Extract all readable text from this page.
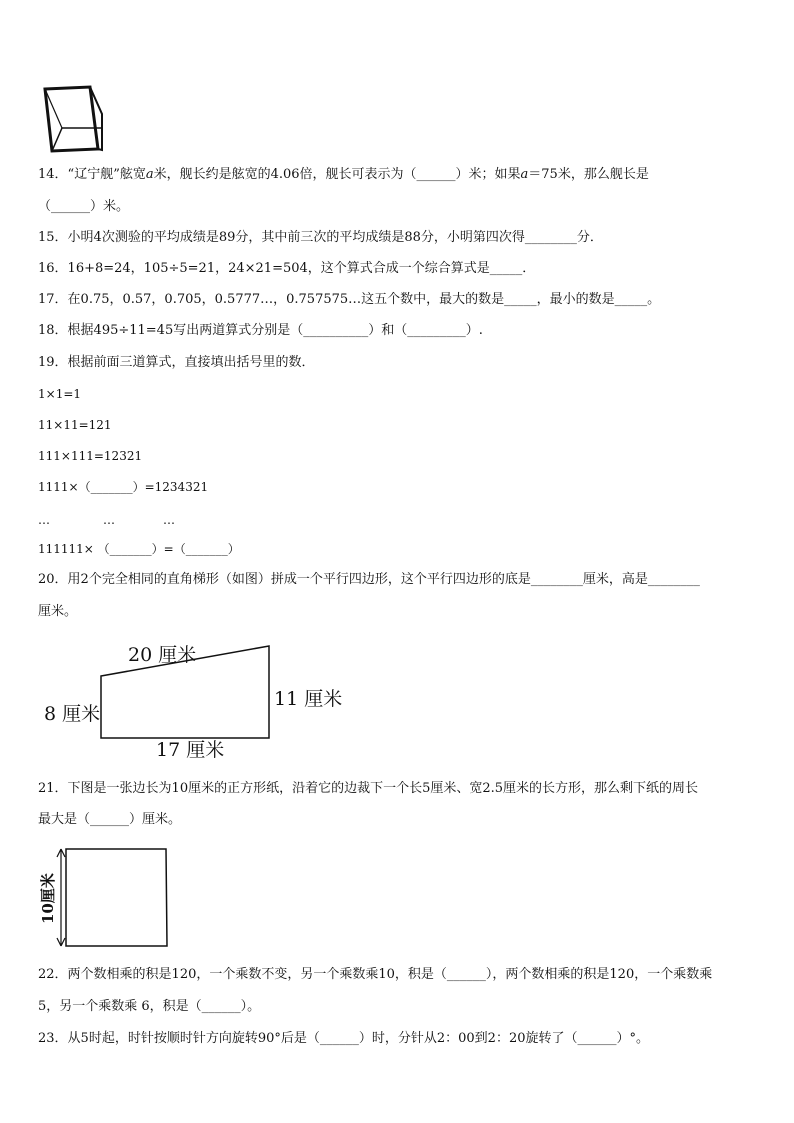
14．“辽宁舰”舷宽𝑎米，舰长约是舷宽的4.06倍，舰长可表示为（______）米；如果𝑎＝75米，那么舰长是
（______）米。
15．小明4次测验的平均成绩是89分，其中前三次的平均成绩是88分，小明第四次得________分．
16．16+8=24，105÷5=21，24×21=504，这个算式合成一个综合算式是_____．
17．在0.75，0.57，0.705，0.5777…，0.757575…这五个数中，最大的数是_____，最小的数是_____。
18．根据495÷11=45写出两道算式分别是（__________）和（_________）.
19．根据前面三道算式，直接填出括号里的数．
1×1=1
11×11=121
111×111=12321
1111×（_______）=1234321
…	…	…
111111× （_______）=（_______）
20．用2个完全相同的直角梯形（如图）拼成一个平行四边形，这个平行四边形的底是________厘米，高是________
厘米。
20 厘米
8 厘米
11 厘米
17 厘米
21．下图是一张边长为10厘米的正方形纸，沿着它的边裁下一个长5厘米、宽2.5厘米的长方形，那么剩下纸的周长
最大是（______）厘米。
10厘米
22．两个数相乘的积是120，一个乘数不变，另一个乘数乘10，积是（______），两个数相乘的积是120，一个乘数乘
5，另一个乘数乘 6，积是（______）。
23．从5时起，时针按顺时针方向旋转90°后是（______）时，分针从2：00到2：20旋转了（______）°。
